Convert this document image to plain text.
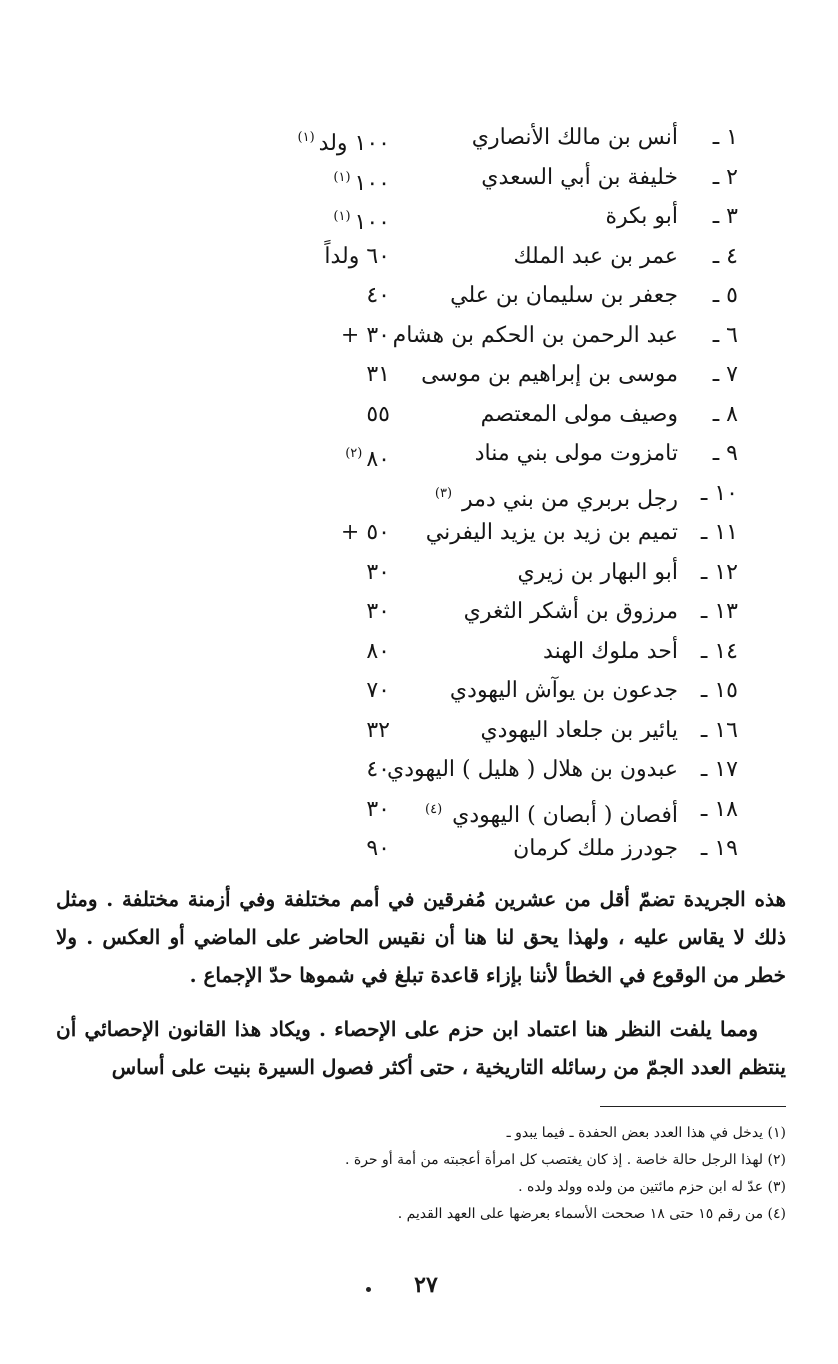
١ ـ
أنس بن مالك الأنصاري
١٠٠ ولد$^{(١)}$
٢ ـ
خليفة بن أبي السعدي
١٠٠$^{(١)}$
٣ ـ
أبو بكرة
١٠٠$^{(١)}$
٤ ـ
عمر بن عبد الملك
٦٠ ولداً
٥ ـ
جعفر بن سليمان بن علي
٤٠
٦ ـ
عبد الرحمن بن الحكم بن هشام
٣٠ +
٧ ـ
موسى بن إبراهيم بن موسى
٣١
٨ ـ
وصيف مولى المعتصم
٥٥
٩ ـ
تامزوت مولى بني مناد
٨٠$^{(٢)}$
١٠ ـ
رجل بربري من بني دمر$^{(٣)}$
١١ ـ
تميم بن زيد بن يزيد اليفرني
٥٠ +
١٢ ـ
أبو البهار بن زيري
٣٠
١٣ ـ
مرزوق بن أشكر الثغري
٣٠
١٤ ـ
أحد ملوك الهند
٨٠
١٥ ـ
جدعون بن يوآش اليهودي
٧٠
١٦ ـ
يائير بن جلعاد اليهودي
٣٢
١٧ ـ
عبدون بن هلال ( هليل ) اليهودي
٤٠
١٨ ـ
أفصان ( أبصان ) اليهودي$^{(٤)}$
٣٠
١٩ ـ
جودرز ملك كرمان
٩٠
هذه الجريدة تضمّ أقل من عشرين مُفرقين في أمم مختلفة وفي أزمنة مختلفة . ومثل ذلك لا يقاس عليه ، ولهذا يحق لنا هنا أن نقيس الحاضر على الماضي أو العكس . ولا خطر من الوقوع في الخطأ لأننا بإزاء قاعدة تبلغ في شموها حدّ الإجماع .
ومما يلفت النظر هنا اعتماد ابن حزم على الإحصاء . ويكاد هذا القانون الإحصائي أن ينتظم العدد الجمّ من رسائله التاريخية ، حتى أكثر فصول السيرة بنيت على أساس
(١) يدخل في هذا العدد بعض الحفدة ـ فيما يبدو ـ
(٢) لهذا الرجل حالة خاصة . إذ كان يغتصب كل امرأة أعجبته من أمة أو حرة .
(٣) عدّ له ابن حزم مائتين من ولده وولد ولده .
(٤) من رقم ١٥ حتى ١٨ صححت الأسماء بعرضها على العهد القديم .
٢٧
